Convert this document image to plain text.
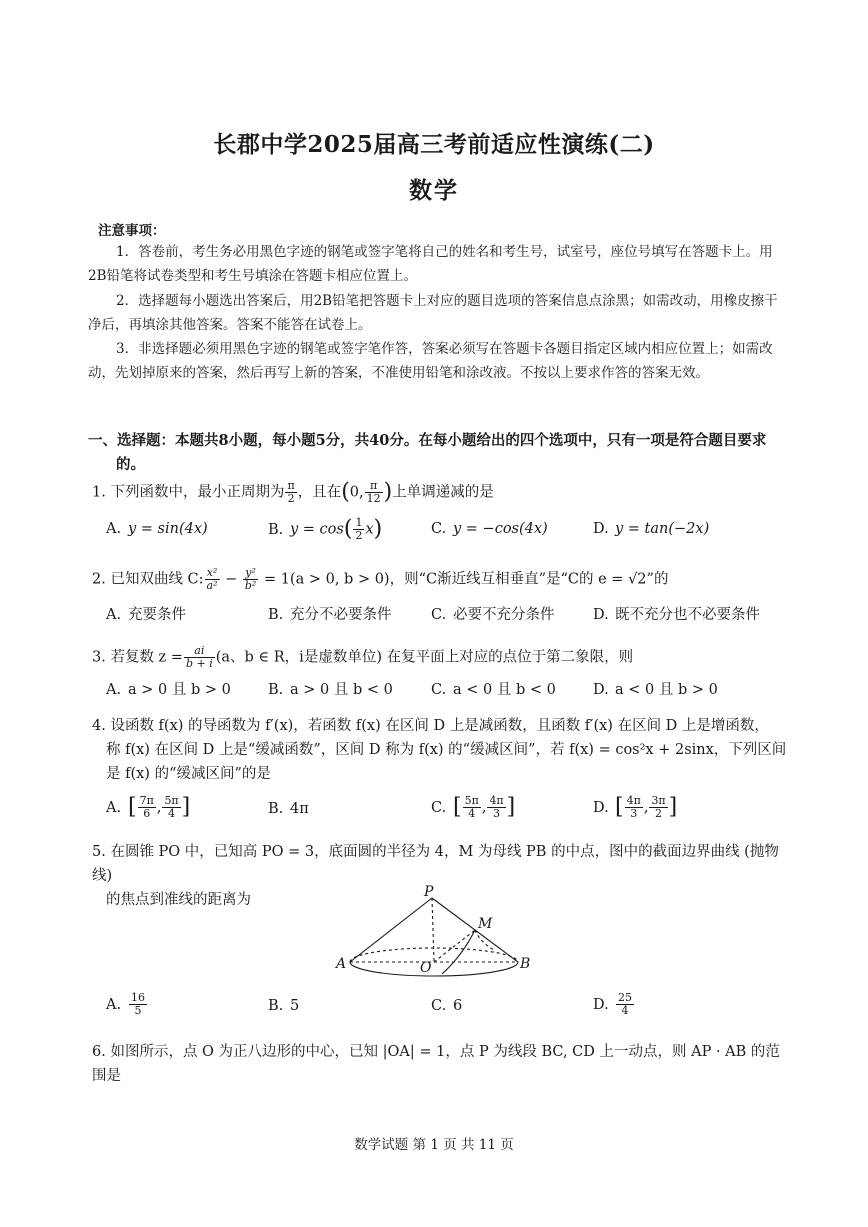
长郡中学2025届高三考前适应性演练(二)
数学
注意事项：
1．答卷前，考生务必用黑色字迹的钢笔或签字笔将自己的姓名和考生号，试室号，座位号填写在答题卡上。用2B铅笔将试卷类型和考生号填涂在答题卡相应位置上。
2．选择题每小题选出答案后，用2B铅笔把答题卡上对应的题目选项的答案信息点涂黑；如需改动，用橡皮擦干净后，再填涂其他答案。答案不能答在试卷上。
3．非选择题必须用黑色字迹的钢笔或签字笔作答，答案必须写在答题卡各题目指定区域内相应位置上；如需改动，先划掉原来的答案，然后再写上新的答案，不准使用铅笔和涂改液。不按以上要求作答的答案无效。
一、选择题：本题共8小题，每小题5分，共40分。在每小题给出的四个选项中，只有一项是符合题目要求
的。
1. 下列函数中，最小正周期为 $\frac{\pi}{2}$ ，且在(0, $\frac{\pi}{12}$ )上单调递减的是
A. y = sin(4x)	B. $y = \cos( \frac{1}{2} x)$	C. y = −cos(4x)	D. y = tan(−2x)
2. 已知双曲线 C: $\frac{\text{x²}}{\text{a²}} - \frac{\text{y²}}{\text{b²}} = 1(a > 0$, b > 0)，则“C渐近线互相垂直”是“C的 e = √2”的
A. 充要条件	B. 充分不必要条件	C. 必要不充分条件	D. 既不充分也不必要条件
3. 若复数 $z = \frac{ai}{b + i} (a$、b ∈ R，i是虚数单位) 在复平面上对应的点位于第二象限，则
A. a > 0 且 b > 0	B. a > 0 且 b < 0	C. a < 0 且 b < 0	D. a < 0 且 b > 0
4. 设函数 f(x) 的导函数为 f′(x)，若函数 f(x) 在区间 D 上是减函数，且函数 f′(x) 在区间 D 上是增函数，
称 f(x) 在区间 D 上是“缓减函数”，区间 D 称为 f(x) 的“缓减区间”，若 f(x) = cos²x + 2sinx，下列区间
是 f(x) 的“缓减区间”的是
A. [ $\frac{7\pi}{6}$ , $\frac{5\pi}{4}$ ]	B. 4π	C. [ $\frac{5\pi}{4}$ , $\frac{4\pi}{3}$ ]	D. [ $\frac{4\pi}{3}$ , $\frac{3\pi}{2}$ ]
5. 在圆锥 PO 中，已知高 PO = 3，底面圆的半径为 4，M 为母线 PB 的中点，图中的截面边界曲线 (抛物线)
的焦点到准线的距离为	P
M
A	O	B
A. $\frac{16}{5}$	B. 5	C. 6	D. $\frac{25}{4}$
6. 如图所示，点 O 为正八边形的中心，已知 |OA| = 1，点 P 为线段 BC, CD 上一动点，则 AP · AB 的范围是
数学试题 第 1 页 共 11 页
